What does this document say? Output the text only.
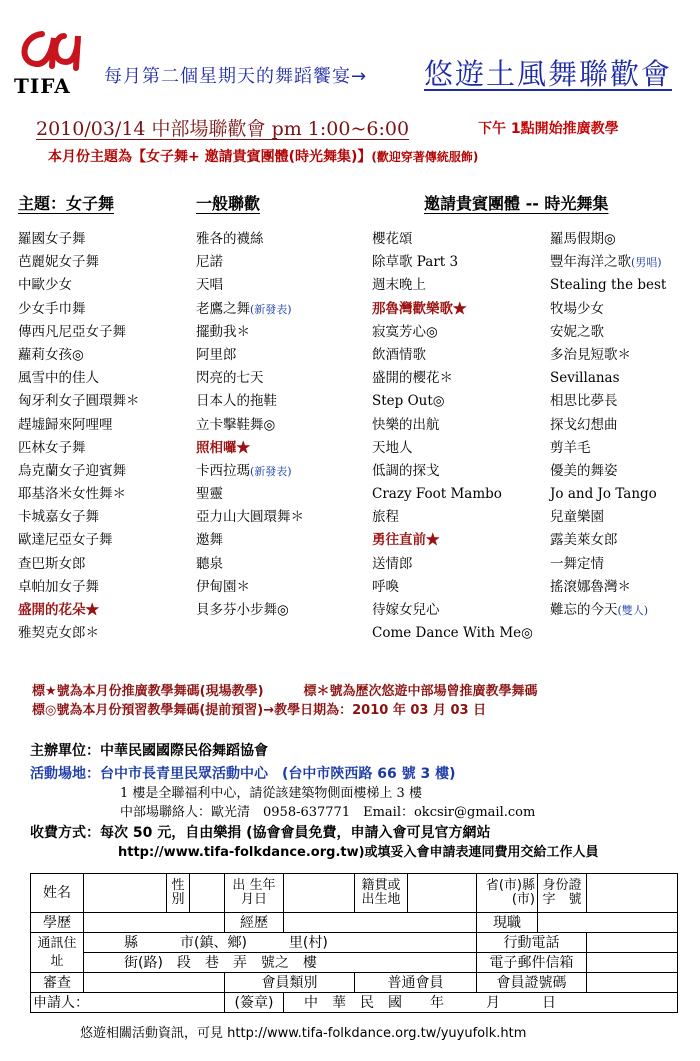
TIFA 每月第二個星期天的舞蹈饗宴→ 悠遊土風舞聯歡會
2010/03/14 中部場聯歡會 pm 1:00~6:00	下午 1點開始推廣教學
本月份主題為【女子舞+ 邀請貴賓團體(時光舞集)】(歡迎穿著傳統服飾)
主題：女子舞	一般聯歡	邀請貴賓團體 -- 時光舞集
羅國女子舞
芭麗妮女子舞
中歐少女
少女手巾舞
傳西凡尼亞女子舞
蘿莉女孩◎
風雪中的佳人
匈牙利女子圓環舞＊
趕墟歸來阿哩哩
匹林女子舞
烏克蘭女子迎賓舞
耶基洛米女性舞＊
卡城嘉女子舞
歐達尼亞女子舞
查巴斯女郎
卓帕加女子舞
盛開的花朵★
雅契克女郎＊
雅各的襪絲
尼諾
天唱
老鷹之舞(新發表)
擺動我＊
阿里郎
閃亮的七天
日本人的拖鞋
立卡擊鞋舞◎
照相囉★
卡西拉瑪(新發表)
聖靈
亞力山大圓環舞＊
邀舞
聽泉
伊甸園＊
貝多芬小步舞◎
櫻花頌
除草歌 Part 3
週末晚上
那魯灣歡樂歌★
寂寞芳心◎
飲酒情歌
盛開的櫻花＊
Step Out◎
快樂的出航
天地人
低調的探戈
Crazy Foot Mambo
旅程
勇往直前★
送情郎
呼喚
待嫁女兒心
Come Dance With Me◎
羅馬假期◎
豐年海洋之歌(男唱)
Stealing the best
牧場少女
安妮之歌
多治見短歌＊
Sevillanas
相思比夢長
探戈幻想曲
剪羊毛
優美的舞姿
Jo and Jo Tango
兒童樂園
露美萊女郎
一舞定情
搖滾娜魯灣＊
難忘的今天(雙人)
標★號為本月份推廣教學舞碼(現場教學)	標＊號為歷次悠遊中部場曾推廣教學舞碼
標◎號為本月份預習教學舞碼(提前預習)→教學日期為：2010 年 03 月 03 日
主辦單位：中華民國國際民俗舞蹈協會
活動場地：台中市長青里民眾活動中心　(台中市陝西路 66 號 3 樓)
1 樓是全聯福利中心，請從該建築物側面樓梯上 3 樓
中部場聯絡人：歐光清　0958-637771　Email：okcsir@gmail.com
收費方式：每次 50 元，自由樂捐 (協會會員免費，申請入會可見官方網站
http://www.tifa-folkdance.org.tw)或填妥入會申請表連同費用交給工作人員
姓名		性別		出 生年月日		籍貫或出生地		省(市)縣(市)	身份證字　號	
學歷				經歷				現職		
通訊住址	縣　　　市(鎮、鄉)　　　里(村)							行動電話		
	街(路)　段　巷　弄　號之　樓							電子郵件信箱		
審查				會員類別		普通會員		會員證號碼		
申請人：				(簽章)	中　華　民　國　　年　　　月　　　日					
悠遊相關活動資訊，可見 http://www.tifa-folkdance.org.tw/yuyufolk.htm
